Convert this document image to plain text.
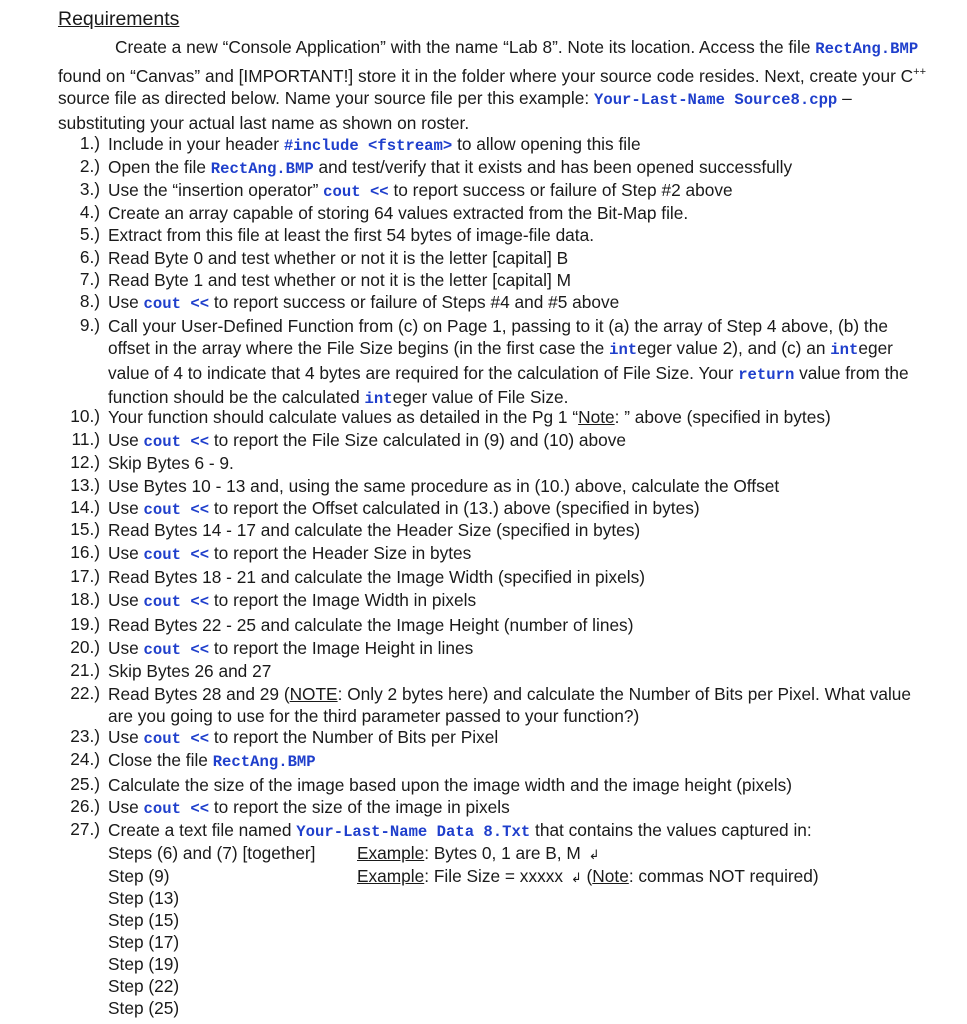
Requirements
Create a new “Console Application” with the name “Lab 8”. Note its location. Access the file RectAng.BMP found on “Canvas” and [IMPORTANT!] store it in the folder where your source code resides. Next, create your C++ source file as directed below. Name your source file per this example: Your-Last-Name Source8.cpp – substituting your actual last name as shown on roster.
1.) Include in your header #include <fstream> to allow opening this file
2.) Open the file RectAng.BMP and test/verify that it exists and has been opened successfully
3.) Use the “insertion operator” cout << to report success or failure of Step #2 above
4.) Create an array capable of storing 64 values extracted from the Bit-Map file.
5.) Extract from this file at least the first 54 bytes of image-file data.
6.) Read Byte 0 and test whether or not it is the letter [capital] B
7.) Read Byte 1 and test whether or not it is the letter [capital] M
8.) Use cout << to report success or failure of Steps #4 and #5 above
9.) Call your User-Defined Function from (c) on Page 1, passing to it (a) the array of Step 4 above, (b) the offset in the array where the File Size begins (in the first case the integer value 2), and (c) an integer value of 4 to indicate that 4 bytes are required for the calculation of File Size. Your return value from the function should be the calculated integer value of File Size.
10.) Your function should calculate values as detailed in the Pg 1 “Note: ” above (specified in bytes)
11.) Use cout << to report the File Size calculated in (9) and (10) above
12.) Skip Bytes 6 - 9.
13.) Use Bytes 10 - 13 and, using the same procedure as in (10.) above, calculate the Offset
14.) Use cout << to report the Offset calculated in (13.) above (specified in bytes)
15.) Read Bytes 14 - 17 and calculate the Header Size (specified in bytes)
16.) Use cout << to report the Header Size in bytes
17.) Read Bytes 18 - 21 and calculate the Image Width (specified in pixels)
18.) Use cout << to report the Image Width in pixels
19.) Read Bytes 22 - 25 and calculate the Image Height (number of lines)
20.) Use cout << to report the Image Height in lines
21.) Skip Bytes 26 and 27
22.) Read Bytes 28 and 29 (NOTE: Only 2 bytes here) and calculate the Number of Bits per Pixel. What value are you going to use for the third parameter passed to your function?)
23.) Use cout << to report the Number of Bits per Pixel
24.) Close the file RectAng.BMP
25.) Calculate the size of the image based upon the image width and the image height (pixels)
26.) Use cout << to report the size of the image in pixels
27.) Create a text file named Your-Last-Name Data 8.Txt that contains the values captured in:
Steps (6) and (7) [together]
Step (9)
Step (13)
Step (15)
Step (17)
Step (19)
Step (22)
Step (25)
Example: Bytes 0, 1 are B, M ↲
Example: File Size = xxxxx ↲ (Note: commas NOT required)
